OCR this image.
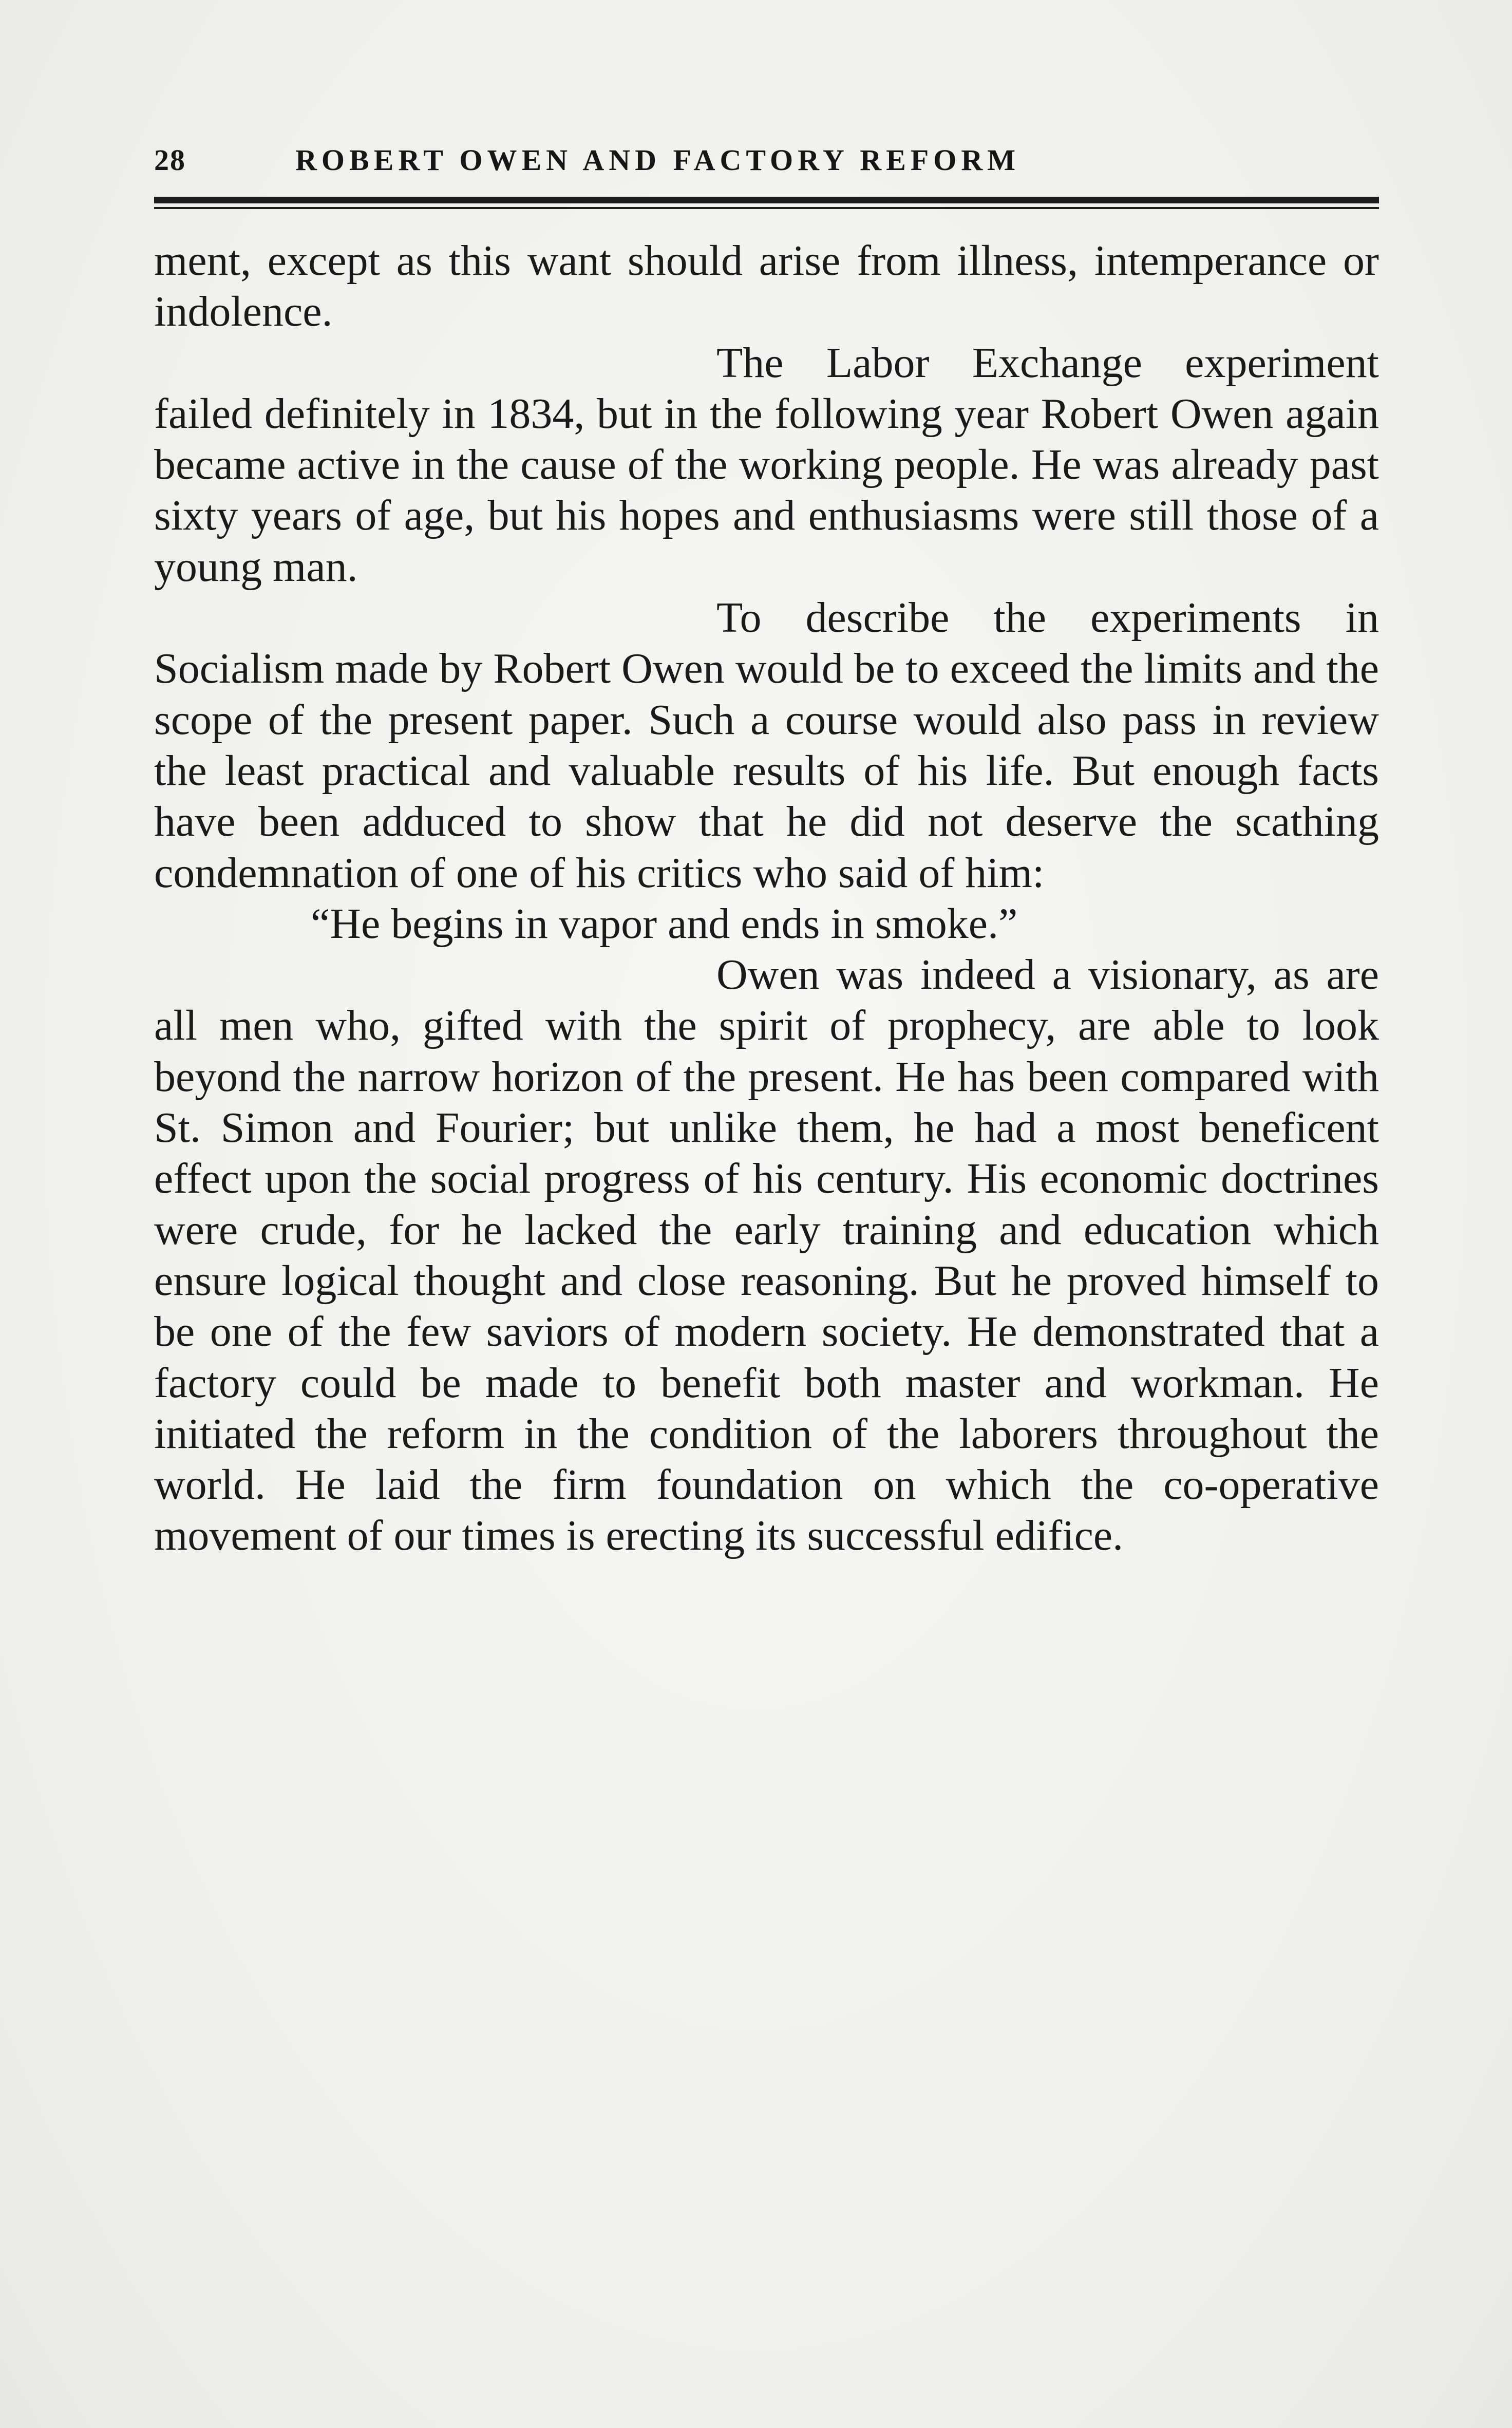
28	ROBERT OWEN AND FACTORY REFORM

ment, except as this want should arise from illness, intemperance or indolence.

The Labor Exchange experiment failed definitely in 1834, but in the following year Robert Owen again became active in the cause of the working people. He was already past sixty years of age, but his hopes and enthusiasms were still those of a young man.

To describe the experiments in Socialism made by Robert Owen would be to exceed the limits and the scope of the present paper. Such a course would also pass in review the least practical and valuable results of his life. But enough facts have been adduced to show that he did not deserve the scathing condemnation of one of his critics who said of him:

“He begins in vapor and ends in smoke.”

Owen was indeed a visionary, as are all men who, gifted with the spirit of prophecy, are able to look beyond the narrow horizon of the present. He has been compared with St. Simon and Fourier; but unlike them, he had a most beneficent effect upon the social progress of his century. His economic doctrines were crude, for he lacked the early training and education which ensure logical thought and close reasoning. But he proved himself to be one of the few saviors of modern society. He demonstrated that a factory could be made to benefit both master and workman. He initiated the reform in the condition of the laborers throughout the world. He laid the firm foundation on which the co-operative movement of our times is erecting its successful edifice.
